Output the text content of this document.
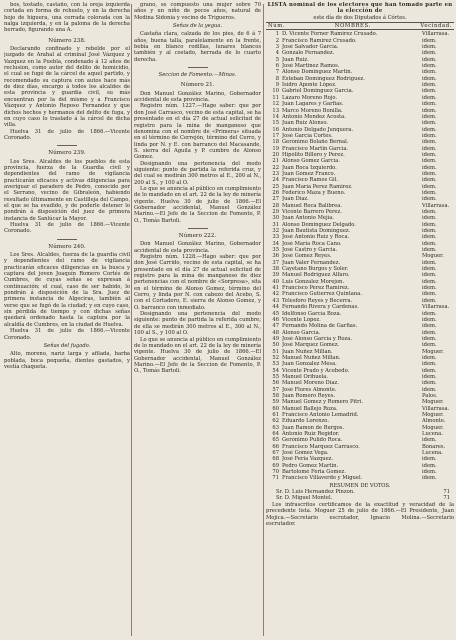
bos, tostado, castaño, con la oreja izquierda cortada en forma de rehuelo, y en la derecha hojo de higuera, una cerrada colorada con la nalga izquierda, y en la paloma de la derecha herrado, figurando una A.

Número 238.

Declarando confinado y rebelde por el juzgado de Arahal al criminal José Vázquez y Vazquez en la Puebla, condenado á 12 años de reclusion, como autor del delito de homicidio, el cual se fugó de la cárcel de aquel partido, y recomendado su captura con autos hace más de diez días, encargo á todos los alcaldes de esta provincia y guardia civil, su más encuentran por la del mismo y a Francisco Vázquez y Antonio Reposo Fernandez y que dichos hechos y hermanos del delito de fuga, y en cuyo caso lo traslado á la cárcel de dicha villa.

Huelva 31 de julio de 1866.—Vicente Coronado.

Número 239.

Los Sres. Alcaldes de los pueblos de esta provincia, fuerza de la Guardia civil y dependientes del ramo de vigilancia practicarán eficaces y activas diligencias para averiguar el paradero de Pedro, conocido por el Serrano, vecino de Gibraleón, habiendo resultado últimamente en Castilleja del Campo, el que se ha evadido, y de poderle detener lo pondrán á disposición del juez de primera instancia de Sanlúcar la Mayor.

Huelva 31 de julio de 1866.—Vicente Coronado.

Número 240.

Los Sres. Alcaldes, fuerza de la guardia civil y dependientes del ramo de vigilancia practicarán eficaces diligencias en la busca y captura del joven Joaquín Romero Cortés de Cumbres, de cuyas señas se expresan á continuación; el cual, caso de ser habido, lo pondrán á disposición de la Sra. Juez de primera instancia de Algeciras, también al verse que se fugó de la ciudad; y en cuyo caso, sin pérdida de tiempo y con dichas señas quedará ordenado hasta la captura por la alcaldía de Cumbres, en la ciudad de Huelva.

Huelva 31 de julio de 1866.—Vicente Coronado.

Señas del fugado.

Alto, moreno, nariz larga y afilada, barba poblada, boca pequeña, dientes gastados, y vestía chaqueta.

grano, se compuesto una mujer sobre 70 años y un niño de pocos años, natural de Medina Sidonia y vecino de Trigueros.

Señas de la yegua.

Castaña clara, calzada de los pies, de 6 á 7 años, buena talla, paralelamente en la frente, bebía en blanco rodillas, lunares blancos también y al costado, herrada de lo cuarto derecha.

Seccion de Fomento.—Minas.

Número 21.

Don Manuel González Marino, Gobernador accidental de esta provincia.

Registro núm. 1227.—Hago saber: que por don José Carrasco, vecino de esta capital, se ha presentado en el día 27 de actual solicitud de registro para la mina de manganeso que denomina con el nombre de «Primera» situada en el término de Cerrejón, término del Cerro, y linda por N. y E. con barranco del Macasande, S. sierra del Aguila y P. cumbre de Alonso Gomez.

Designando una pertenencia del modo siguiente: punto de partida la referida cruz, y del cual se medirán 300 metros al E., 200 al N., 200 al S., y 100 al O.

Lo que se anuncia al público en cumplimiento de lo mandado en el art. 22 de la ley de minería vigente. Huelva 30 de julio de 1866.—El Gobernador accidental, Manuel González Marino.—El Jefe de la Seccion de Fomento, P. O., Tomás Bartoli.

Número 222.

Don Manuel González Marino, Gobernador accidental de esta provincia.

Registro núm. 1228.—Hago saber: que por don José Carrido, vecino de esta capital, se ha presentado en el día 27 de actual solicitud de registro para la mina de manganeso de diez pertenencias con el nombre de «Sorpresa», sita en el término de Alonso Gomez, término del Cerro, y linda por N. con cabezo del Acebo, S. con el Cortadero, E. sierra de Alonso Gomez, y O. barranco con inmediato.

Designando una pertenencia del modo siguiente: punto de partida la referida cumbre; de ella se medirán 300 metros al E., 300 al N., 100 al S., y 100 al O.

Lo que se anuncia al público en cumplimiento de lo mandado en el art. 22 de la ley de minería vigente. Huelva 30 de julio de 1866.—El Gobernador accidental, Manuel González Marino.—El Jefe de la Seccion de Fomento, P. O., Tomás Bartoli.

LISTA nominal de los electores que han tomado parte en la elección de

este día de dos Diputados á Córtes.

Núm.	NOMBRES.	Vecindad.
1 D. Vicente Forner Ramirez Crusado.	Villarrasa.
2 Francisco Ramirez Crusado.	idem.
3 José Salvador García.	idem.
4 Gonzalo Fernandez.	idem.
5 Juan Ruiz.	idem.
6 José Martinez Ramos.	idem.
7 Alonso Dominguez Martin.	idem.
8 Esteban Dominguez Rodriguez.	idem.
9 Isidro Aponte López.	idem.
10 Gabriel Dominguez García.	idem.
11 Lázaro Moreno Rojo.	idem.
12 Juan Lagares y Garfias.	idem.
13 Marco Moreno Bonilla.	idem.
14 Antonio Mendez Acosta.	idem.
15 Juan Ruiz Alonso.	idem.
16 Antonio Delgado Junquera.	idem.
17 José García Cortés.	idem.
18 Gerónimo Bolaño Bernal.	idem.
19 Francisco Martin García.	idem.
20 Hipólito Billero y Perez.	idem.
21 Alonso Gomez García.	idem.
22 Juan Roca Izquierdo.	idem.
23 Juan Gómez Franco.	idem.
24 Francisco Ramos Gil.	idem.
25 Juan María Perez Ramirez.	idem.
26 Federico Maza y Bueno.	idem.
27 Juan Diaz.	idem.
28 Manuel Roca Balibrea.	Villarrasa.
29 Vicente Barrero Pérez.	idem.
30 Juan Antonio Mejía.	idem.
31 Alonso Dominguez Delgado.	idem.
32 Juan Bautista Domínguez.	idem.
33 José Antonio Ruiz y Roca.	idem.
34 José Maria Roca Cano.	idem.
35 José Castro y Garcia.	idem.
36 José Gomez Reyes.	Moguer.
37 Juan Valer Fernandez.	idem.
38 Cayetano Burgos y Soler.	idem.
39 Manuel Rodriguez Alfaro.	idem.
40 Luis Gonzalez Morejon.	idem.
41 Francisco Perez Ramirez.	idem.
42 Francisco Gutierrez Quintana.	idem.
43 Telesforo Reyes y Becerra.	idem.
44 Fernando Rivera y Cardenas.	Villarrasa.
45 Idelfonso García Boza.	idem.
46 Vicente López.	idem.
47 Fernando Molina de Garfias.	idem.
48 Alonso García.	idem.
49 José Alonso García y Roza.	idem.
50 José Márquez Gomez.	idem.
51 Juan Nuñez Millan.	Moguer.
52 Manuel Nuñez Millan.	idem.
53 Juan Gonzalez Mesa.	idem.
54 Vicente Prado y Acebedo.	idem.
55 Manuel Orihuela.	idem.
56 Manuel Moreno Diaz.	idem.
57 José Flores Almonte.	idem.
58 Juan Romero Reyes.	Palos.
59 Manuel Gomez y Romero Pitri.	Moguer.
60 Manuel Ballejo Roza.	Villarrasa.
61 Francisco Antonio Lemadrid.	Moguer.
62 Eduardo Lorenzo.	Almonte.
63 Juan Ramon de Burgos.	Moguer.
64 Antonio Ruiz Regidor.	Lucena.
65 Gerónimo Pulido Roca.	idem.
66 Francisco Marquez Carrasco.	Bonares.
67 José Gomez Vega.	Lucena.
68 José Feria Vazquez.	idem.
69 Pedro Gomez Martin.	idem.
70 Bartolomé Feria Gomez.	idem.
71 Francisco Villaverde y Miguel.	idem.

RESUMEN DE VOTOS.

Sr. D. Luis Hernandez Pinzon.	71
Sr. D. Miguel Montel.	71

Los infrascritos certificamos de la exactitud y veracidad de la precedente lista. Moguer 25 de julio de 1866.—El Presidente, Juan Mojica.—Secretario escrutador, Ignacio Molina.—Secretario escrutador.
